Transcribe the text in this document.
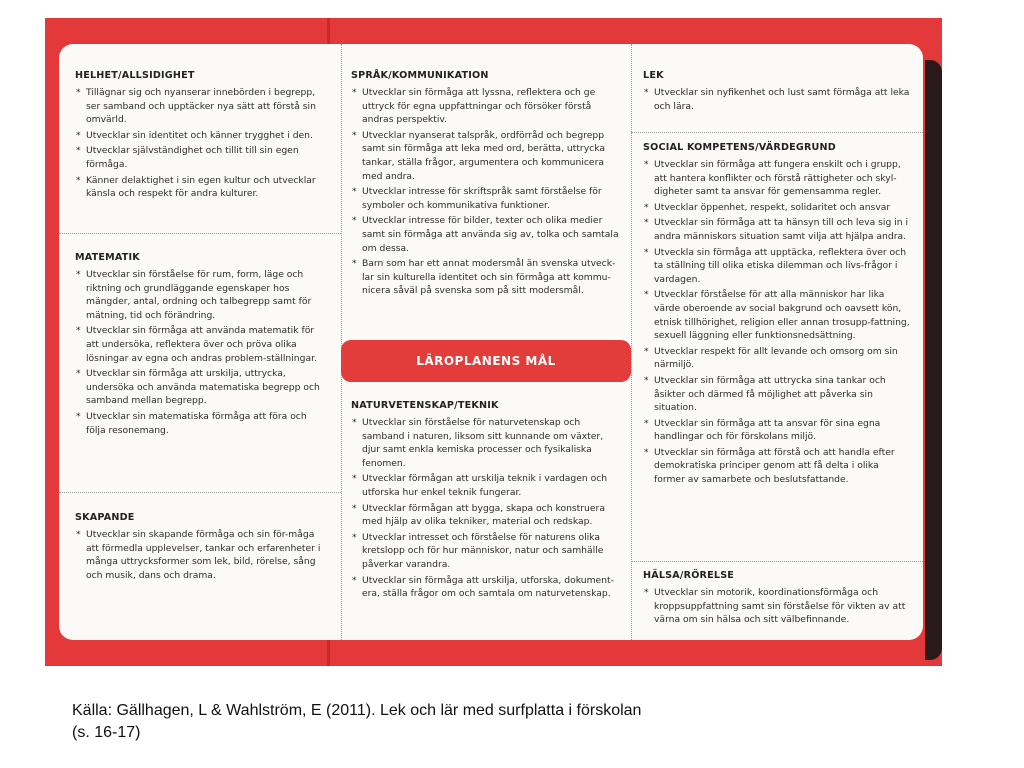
HELHET/ALLSIDIGHET
* Tillägnar sig och nyanserar innebörden i begrepp, ser samband och upptäcker nya sätt att förstå sin omvärld.
* Utvecklar sin identitet och känner trygghet i den.
* Utvecklar självständighet och tillit till sin egen förmåga.
* Känner delaktighet i sin egen kultur och utvecklar känsla och respekt för andra kulturer.
MATEMATIK
* Utvecklar sin förståelse för rum, form, läge och riktning och grundläggande egenskaper hos mängder, antal, ordning och talbegrepp samt för mätning, tid och förändring.
* Utvecklar sin förmåga att använda matematik för att undersöka, reflektera över och pröva olika lösningar av egna och andras problem-ställningar.
* Utvecklar sin förmåga att urskilja, uttrycka, undersöka och använda matematiska begrepp och samband mellan begrepp.
* Utvecklar sin matematiska förmåga att föra och följa resonemang.
SKAPANDE
* Utvecklar sin skapande förmåga och sin för-måga att förmedla upplevelser, tankar och erfarenheter i många uttrycksformer som lek, bild, rörelse, sång och musik, dans och drama.
SPRÅK/KOMMUNIKATION
* Utvecklar sin förmåga att lyssna, reflektera och ge uttryck för egna uppfattningar och försöker förstå andras perspektiv.
* Utvecklar nyanserat talspråk, ordförråd och begrepp samt sin förmåga att leka med ord, berätta, uttrycka tankar, ställa frågor, argumentera och kommunicera med andra.
* Utvecklar intresse för skriftspråk samt förståelse för symboler och kommunikativa funktioner.
* Utvecklar intresse för bilder, texter och olika medier samt sin förmåga att använda sig av, tolka och samtala om dessa.
* Barn som har ett annat modersmål än svenska utveck-lar sin kulturella identitet och sin förmåga att kommu-nicera såväl på svenska som på sitt modersmål.
LÄROPLANENS MÅL
NATURVETENSKAP/TEKNIK
* Utvecklar sin förståelse för naturvetenskap och samband i naturen, liksom sitt kunnande om växter, djur samt enkla kemiska processer och fysikaliska fenomen.
* Utvecklar förmågan att urskilja teknik i vardagen och utforska hur enkel teknik fungerar.
* Utvecklar förmågan att bygga, skapa och konstruera med hjälp av olika tekniker, material och redskap.
* Utvecklar intresset och förståelse för naturens olika kretslopp och för hur människor, natur och samhälle påverkar varandra.
* Utvecklar sin förmåga att urskilja, utforska, dokument-era, ställa frågor om och samtala om naturvetenskap.
LEK
* Utvecklar sin nyfikenhet och lust samt förmåga att leka och lära.
SOCIAL KOMPETENS/VÄRDEGRUND
* Utvecklar sin förmåga att fungera enskilt och i grupp, att hantera konflikter och förstå rättigheter och skyl-digheter samt ta ansvar för gemensamma regler.
* Utvecklar öppenhet, respekt, solidaritet och ansvar
* Utvecklar sin förmåga att ta hänsyn till och leva sig in i andra människors situation samt vilja att hjälpa andra.
* Utveckla sin förmåga att upptäcka, reflektera över och ta ställning till olika etiska dilemman och livs-frågor i vardagen.
* Utvecklar förståelse för att alla människor har lika värde oberoende av social bakgrund och oavsett kön, etnisk tillhörighet, religion eller annan trosupp-fattning, sexuell läggning eller funktionsnedsättning.
* Utvecklar respekt för allt levande och omsorg om sin närmiljö.
* Utvecklar sin förmåga att uttrycka sina tankar och åsikter och därmed få möjlighet att påverka sin situation.
* Utvecklar sin förmåga att ta ansvar för sina egna handlingar och för förskolans miljö.
* Utvecklar sin förmåga att förstå och att handla efter demokratiska principer genom att få delta i olika former av samarbete och beslutsfattande.
HÄLSA/RÖRELSE
* Utvecklar sin motorik, koordinationsförmåga och kroppsuppfattning samt sin förståelse för vikten av att värna om sin hälsa och sitt välbefinnande.
Källa: Gällhagen, L & Wahlström, E (2011). Lek och lär med surfplatta i förskolan
(s. 16-17)
